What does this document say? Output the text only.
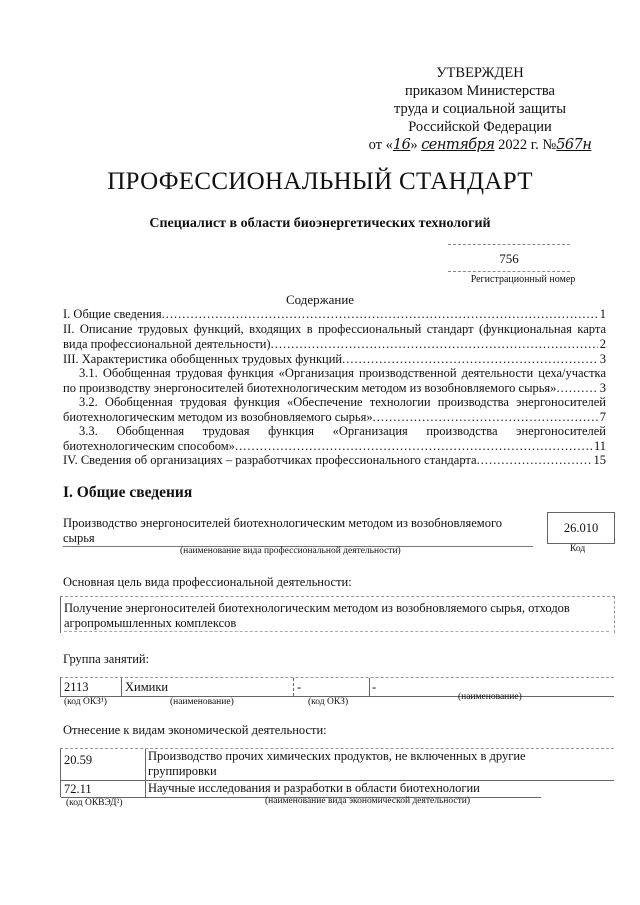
УТВЕРЖДЕН
приказом Министерства
труда и социальной защиты
Российской Федерации
от «16» сентября 2022 г. №567н
ПРОФЕССИОНАЛЬНЫЙ СТАНДАРТ
Специалист в области биоэнергетических технологий
756
Регистрационный номер
Содержание
I. Общие сведения .....	1
II. Описание трудовых функций, входящих в профессиональный стандарт (функциональная карта
вида профессиональной деятельности) .....	2
III. Характеристика обобщенных трудовых функций .....	3
3.1. Обобщенная трудовая функция «Организация производственной деятельности цеха/участка
по производству энергоносителей биотехнологическим методом из возобновляемого сырья» .....	3
3.2. Обобщенная трудовая функция «Обеспечение технологии производства энергоносителей
биотехнологическим методом из возобновляемого сырья» .....	7
3.3. Обобщенная трудовая функция «Организация производства энергоносителей
биотехнологическим способом» .....	11
IV. Сведения об организациях – разработчиках профессионального стандарта .....	15
I. Общие сведения
Производство энергоносителей биотехнологическим методом из возобновляемого
сырья
(наименование вида профессиональной деятельности)
26.010
Код
Основная цель вида профессиональной деятельности:
Получение энергоносителей биотехнологическим методом из возобновляемого сырья, отходов
агропромышленных комплексов
Группа занятий:
2113	Химики	-	-
(код ОКЗ¹)	(наименование)	(код ОКЗ)	(наименование)
Отнесение к видам экономической деятельности:
20.59	Производство прочих химических продуктов, не включенных в другие
группировки
72.11	Научные исследования и разработки в области биотехнологии
(код ОКВЭД²)	(наименование вида экономической деятельности)
